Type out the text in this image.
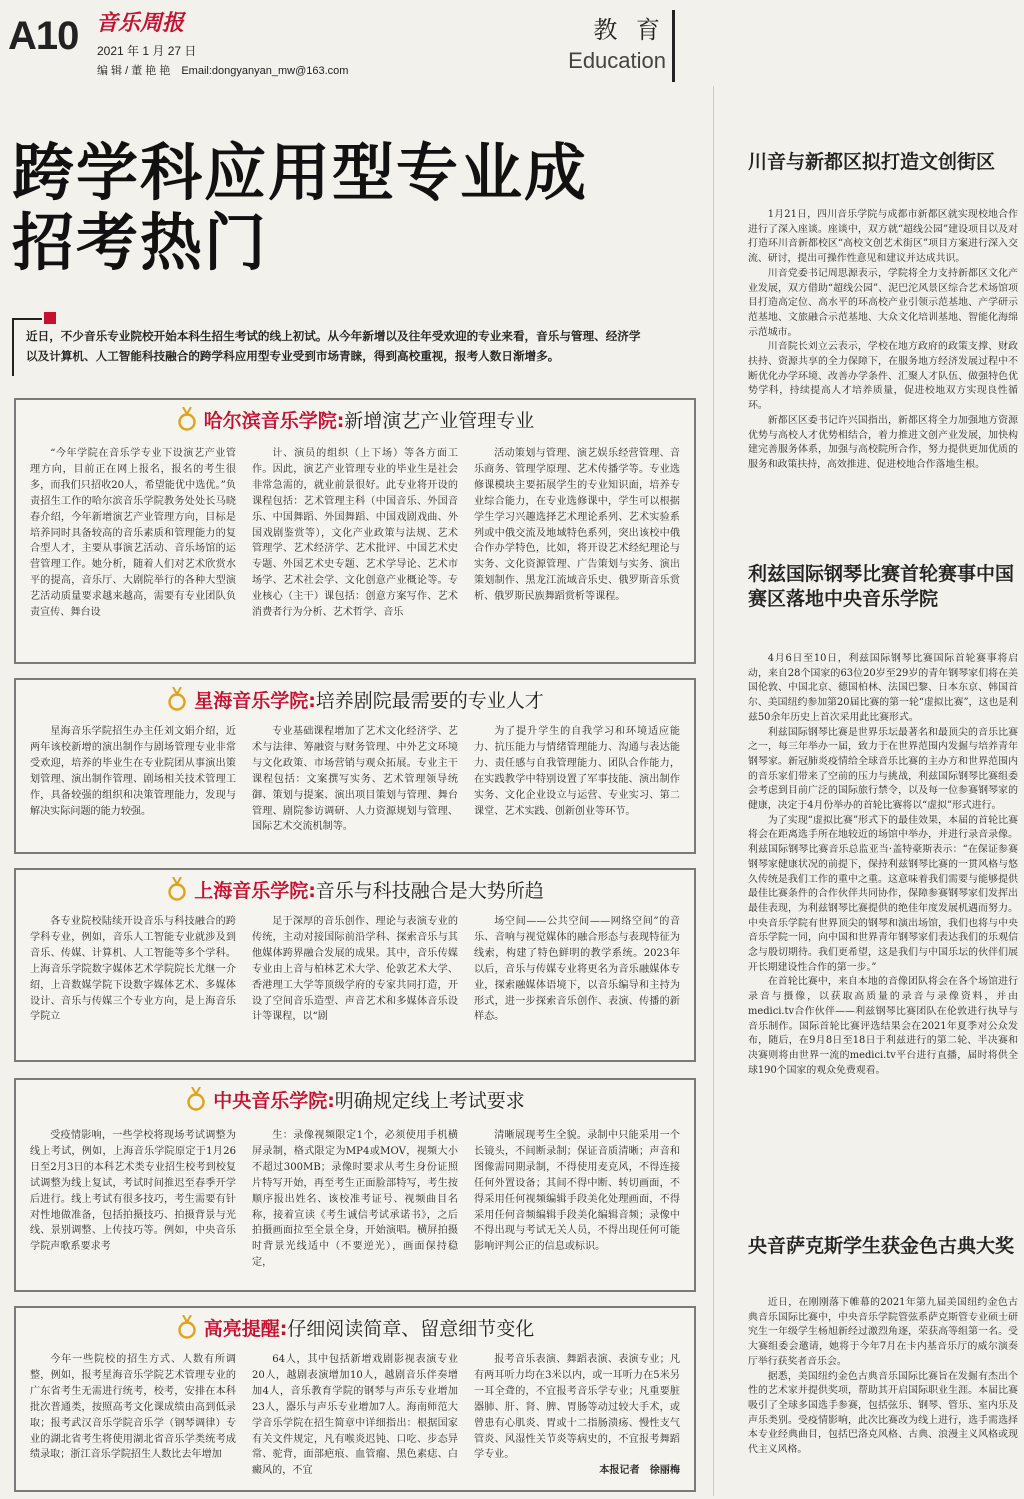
A10 音乐周报
2021 年 1 月 27 日
编 辑 / 董 艳 艳　Email:dongyanyan_mw@163.com
教 育
Education
跨学科应用型专业成招考热门
近日，不少音乐专业院校开始本科生招生考试的线上初试。从今年新增以及往年受欢迎的专业来看，音乐与管理、经济学以及计算机、人工智能科技融合的跨学科应用型专业受到市场青睐，得到高校重视，报考人数日渐增多。
哈尔滨音乐学院:新增演艺产业管理专业
“今年学院在音乐学专业下设演艺产业管理方向，目前正在网上报名，报名的考生很多，而我们只招收20人，希望能优中选优。”负责招生工作的哈尔滨音乐学院教务处处长马晓春介绍，今年新增演艺产业管理方向，目标是培养同时具备较高的音乐素质和管理能力的复合型人才，主要从事演艺活动、音乐场馆的运营管理工作。她分析，随着人们对艺术欣赏水平的提高，音乐厅、大剧院举行的各种大型演艺活动质量要求越来越高，需要有专业团队负责宣传、舞台设
计、演员的组织（上下场）等各方面工作。因此，演艺产业管理专业的毕业生是社会非常急需的，就业前景很好。此专业将开设的课程包括：艺术管理主科（中国音乐、外国音乐、中国舞蹈、外国舞蹈、中国戏剧戏曲、外国戏剧鉴赏等），文化产业政策与法规、艺术管理学、艺术经济学、艺术批评、中国艺术史专题、外国艺术史专题、艺术学导论、艺术市场学、艺术社会学、文化创意产业概论等。专业核心（主干）课包括：创意方案写作、艺术消费者行为分析、艺术哲学、音乐
活动策划与管理、演艺娱乐经营管理、音乐商务、管理学原理、艺术传播学等。专业选修课模块主要拓展学生的专业知识面，培养专业综合能力，在专业选修课中，学生可以根据学生学习兴趣选择艺术理论系列、艺术实验系列或中俄交流及地域特色系列，突出该校中俄合作办学特色，比如，将开设艺术经纪理论与实务、文化资源管理、广告策划与实务、演出策划制作、黑龙江流域音乐史、俄罗斯音乐赏析、俄罗斯民族舞蹈赏析等课程。
星海音乐学院:培养剧院最需要的专业人才
星海音乐学院招生办主任刘文娟介绍，近两年该校新增的演出制作与剧场管理专业非常受欢迎，培养的毕业生在专业院团从事演出策划管理、演出制作管理、剧场相关技术管理工作，具备较强的组织和决策管理能力，发现与解决实际问题的能力较强。
专业基础课程增加了艺术文化经济学、艺术与法律、筹融资与财务管理、中外艺文环境与文化政策、市场营销与观众拓展。专业主干课程包括：文案撰写实务、艺术管理领导统御、策划与提案、演出项目策划与管理、舞台管理、剧院参访调研、人力资源规划与管理、国际艺术交流机制等。
为了提升学生的自我学习和环境适应能力、抗压能力与情绪管理能力、沟通与表达能力、责任感与自我管理能力、团队合作能力，在实践教学中特别设置了军事技能、演出制作实务、文化企业设立与运营、专业实习、第二课堂、艺术实践、创新创业等环节。
上海音乐学院:音乐与科技融合是大势所趋
各专业院校陆续开设音乐与科技融合的跨学科专业，例如，音乐人工智能专业就涉及到音乐、传媒、计算机、人工智能等多个学科。上海音乐学院数字媒体艺术学院院长尤继一介绍，上音数媒学院下设数字媒体艺术、多媒体设计、音乐与传媒三个专业方向，是上海音乐学院立
足于深厚的音乐创作、理论与表演专业的传统，主动对接国际前沿学科、探索音乐与其他媒体跨界融合发展的成果。其中，音乐传媒专业由上音与柏林艺术大学、伦敦艺术大学、香港理工大学等顶级学府的专家共同打造，开设了空间音乐造型、声音艺术和多媒体音乐设计等课程，以“剧
场空间——公共空间——网络空间”的音乐、音响与视觉媒体的融合形态与表现特征为线索，构建了特色鲜明的教学系统。2023年以后，音乐与传媒专业将更名为音乐融媒体专业，探索融媒体语境下，以音乐编导和主持为形式，进一步探索音乐创作、表演、传播的新样态。
中央音乐学院:明确规定线上考试要求
受疫情影响，一些学校将现场考试调整为线上考试，例如，上海音乐学院原定于1月26日至2月3日的本科艺术类专业招生校考到校复试调整为线上复试，考试时间推迟至春季开学后进行。线上考试有很多技巧，考生需要有针对性地做准备，包括拍摄技巧、拍摄背景与光线、景别调整、上传技巧等。例如，中央音乐学院声歌系要求考
生：录像视频限定1个，必须使用手机横屏录制，格式限定为MP4或MOV，视频大小不超过300MB；录像时要求从考生身份证照片特写开始，再至考生正面脸部特写，考生按顺序报出姓名、该校准考证号、视频曲目名称，接着宣读《考生诚信考试承诺书》，之后拍摄画面拉至全景全身，开始演唱。横屏拍摄时背景光线适中（不要逆光），画面保持稳定，
清晰展现考生全貌。录制中只能采用一个长镜头，不间断录制；保证音质清晰；声音和图像需同期录制，不得使用麦克风，不得连接任何外置设备；其间不得中断、转切画面，不得采用任何视频编辑手段美化处理画面，不得采用任何音频编辑手段美化编辑音频；录像中不得出现与考试无关人员，不得出现任何可能影响评判公正的信息或标识。
高亮提醒:仔细阅读简章、留意细节变化
今年一些院校的招生方式、人数有所调整，例如，报考星海音乐学院艺术管理专业的广东省考生无需进行统考，校考，安排在本科批次普通类，按照高考文化课成绩由高到低录取；报考武汉音乐学院音乐学（钢琴调律）专业的湖北省考生将使用湖北省音乐学类统考成绩录取；浙江音乐学院招生人数比去年增加
64人，其中包括新增戏剧影视表演专业20人，越剧表演增加10人，越剧音乐伴奏增加4人，音乐教育学院的钢琴与声乐专业增加23人，器乐与声乐专业增加7人。海南师范大学音乐学院在招生简章中详细指出：根据国家有关文件规定，凡有喉炎迟钝、口吃、步态异常、驼背，面部疤痕、血管瘤、黑色素痣、白癜风的，不宜
报考音乐表演、舞蹈表演、表演专业；凡有两耳听力均在3米以内，或一耳听力在5米另一耳全聋的，不宜报考音乐学专业；凡重要脏器肺、肝、肾、脾、胃肠等动过较大手术，或曾患有心肌炎、胃或十二指肠溃疡、慢性支气管炎、风湿性关节炎等病史的，不宜报考舞蹈学专业。
本报记者　徐丽梅
川音与新都区拟打造文创街区
1月21日，四川音乐学院与成都市新都区就实现校地合作进行了深入座谈。座谈中，双方就“超线公园”建设项目以及对打造环川音新都校区“高校文创艺术街区”项目方案进行深入交流、研讨，提出可操作性意见和建议并达成共识。
川音党委书记周思源表示，学院将全力支持新都区文化产业发展，双方借助“超线公园”、泥巴沱风景区综合艺术场馆项目打造高定位、高水平的环高校产业引领示范基地、产学研示范基地、文旅融合示范基地、大众文化培训基地、智能化海绵示范城市。
川音院长刘立云表示，学校在地方政府的政策支撑、财政扶持、资源共享的全力保障下，在服务地方经济发展过程中不断优化办学环境、改善办学条件、汇聚人才队伍、做强特色优势学科，持续提高人才培养质量，促进校地双方实现良性循环。
新都区区委书记许兴国指出，新都区将全力加强地方资源优势与高校人才优势相结合，着力推进文创产业发展，加快构建完善服务体系，加强与高校院所合作，努力提供更加优质的服务和政策扶持，高效推进、促进校地合作落地生根。
利兹国际钢琴比赛首轮赛事中国赛区落地中央音乐学院
4月6日至10日，利兹国际钢琴比赛国际首轮赛事将启动，来自28个国家的63位20岁至29岁的青年钢琴家们将在美国伦敦、中国北京、德国柏林、法国巴黎、日本东京、韩国首尔、美国纽约参加第20届比赛的第一轮“虚拟比赛”，这也是利兹50余年历史上首次采用此比赛形式。
利兹国际钢琴比赛是世界乐坛最著名和最顶尖的音乐比赛之一，每三年举办一届，致力于在世界范围内发掘与培养青年钢琴家。新冠肺炎疫情给全球音乐比赛的主办方和世界范围内的音乐家们带来了空前的压力与挑战，利兹国际钢琴比赛组委会考虑到目前广泛的国际旅行禁令，以及每一位参赛钢琴家的健康，决定于4月份举办的首轮比赛将以“虚拟”形式进行。
为了实现“虚拟比赛”形式下的最佳效果，本届的首轮比赛将会在距离选手所在地较近的场馆中举办，并进行录音录像。利兹国际钢琴比赛音乐总监亚当·盖特豪斯表示：“在保证参赛钢琴家健康状况的前提下，保持利兹钢琴比赛的一贯风格与悠久传统是我们工作的重中之重。这意味着我们需要与能够提供最佳比赛条件的合作伙伴共同协作，保障参赛钢琴家们发挥出最佳表现，为利兹钢琴比赛提供的绝佳年度发展机遇而努力。中央音乐学院有世界顶尖的钢琴和演出场馆，我们也将与中央音乐学院一同，向中国和世界青年钢琴家们表达我们的乐观信念与殷切期待。我们更希望，这是我们与中国乐坛的伙伴们展开长期建设性合作的第一步。”
在首轮比赛中，来自本地的音像团队将会在各个场馆进行录音与摄像，以获取高质量的录音与录像资料，并由medici.tv合作伙伴——利兹钢琴比赛团队在伦敦进行执导与音乐制作。国际首轮比赛评选结果会在2021年夏季对公众发布，随后，在9月8日至18日于利兹进行的第二轮、半决赛和决赛则将由世界一流的medici.tv平台进行直播，届时将供全球190个国家的观众免费观看。
央音萨克斯学生获金色古典大奖
近日，在刚刚落下帷幕的2021年第九届美国纽约金色古典音乐国际比赛中，中央音乐学院管弦系萨克斯管专业硕士研究生一年级学生杨旭新经过激烈角逐，荣获高等组第一名。受大赛组委会邀请，她将于今年7月在卡内基音乐厅的威尔演奏厅举行获奖者音乐会。
据悉，美国纽约金色古典音乐国际比赛旨在发掘有杰出个性的艺术家并提供奖项，帮助其开启国际职业生涯。本届比赛吸引了全球多国选手参赛，包括弦乐、钢琴、管乐、室内乐及声乐类别。受疫情影响，此次比赛改为线上进行，选手需选择本专业经典曲目，包括巴洛克风格、古典、浪漫主义风格或现代主义风格。
